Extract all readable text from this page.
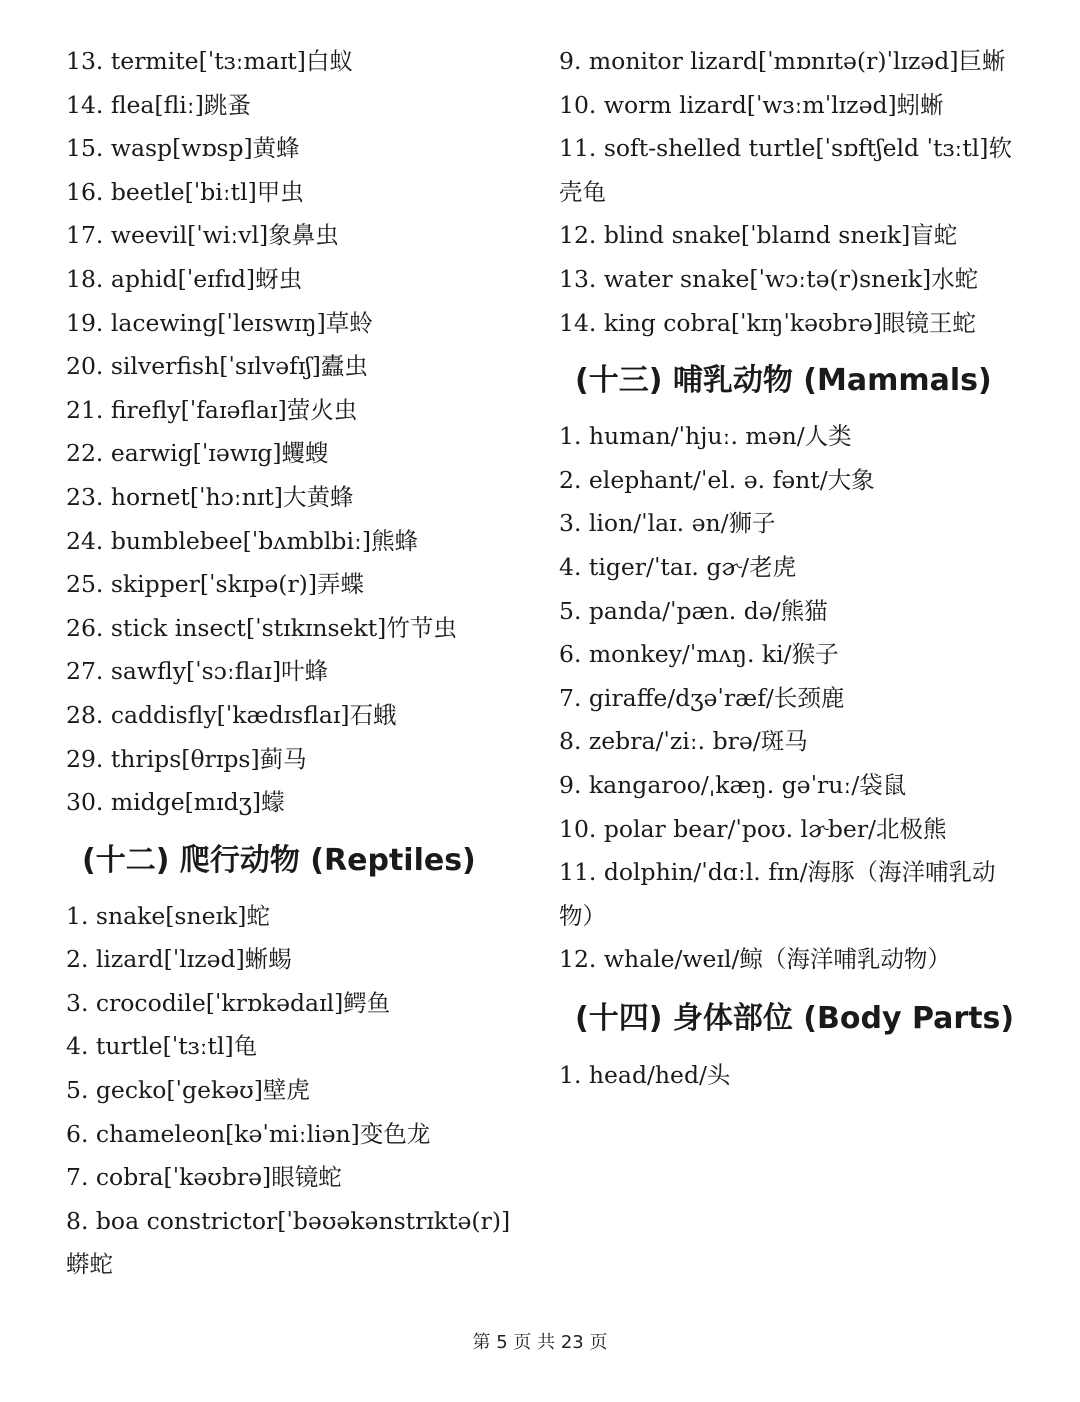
13. termite[ˈtɜːmaɪt]白蚁

14. flea[fliː]跳蚤

15. wasp[wɒsp]黄蜂

16. beetle[ˈbiːtl]甲虫

17. weevil[ˈwiːvl]象鼻虫

18. aphid[ˈeɪfɪd]蚜虫

19. lacewing[ˈleɪswɪŋ]草蛉

20. silverfish[ˈsɪlvəfɪʃ]蠹虫

21. firefly[ˈfaɪəflaɪ]萤火虫

22. earwig[ˈɪəwɪg]蠼螋

23. hornet[ˈhɔːnɪt]大黄蜂

24. bumblebee[ˈbʌmblbiː]熊蜂

25. skipper[ˈskɪpə(r)]弄蝶

26. stick insect[ˈstɪkɪnsekt]竹节虫

27. sawfly[ˈsɔːflaɪ]叶蜂

28. caddisfly[ˈkædɪsflaɪ]石蛾

29. thrips[θrɪps]蓟马

30. midge[mɪdʒ]蠓

(十二) 爬行动物 (Reptiles)

1. snake[sneɪk]蛇

2. lizard[ˈlɪzəd]蜥蜴

3. crocodile[ˈkrɒkədaɪl]鳄鱼

4. turtle[ˈtɜːtl]龟

5. gecko[ˈgekəʊ]壁虎

6. chameleon[kəˈmiːliən]变色龙

7. cobra[ˈkəʊbrə]眼镜蛇

8. boa constrictor[ˈbəʊəkənstrɪktə(r)]蟒蛇

9. monitor lizard[ˈmɒnɪtə(r)ˈlɪzəd]巨蜥

10. worm lizard[ˈwɜːmˈlɪzəd]蚓蜥

11. soft-shelled turtle[ˈsɒftʃeld ˈtɜːtl]软壳龟

12. blind snake[ˈblaɪnd sneɪk]盲蛇

13. water snake[ˈwɔːtə(r)sneɪk]水蛇

14. king cobra[ˈkɪŋˈkəʊbrə]眼镜王蛇

(十三) 哺乳动物 (Mammals)

1. human/ˈhjuː. mən/人类

2. elephant/ˈel. ə. fənt/大象

3. lion/ˈlaɪ. ən/狮子

4. tiger/ˈtaɪ. gɚ/老虎

5. panda/ˈpæn. də/熊猫

6. monkey/ˈmʌŋ. ki/猴子

7. giraffe/dʒəˈræf/长颈鹿

8. zebra/ˈziː. brə/斑马

9. kangaroo/ˌkæŋ. gəˈruː/袋鼠

10. polar bear/ˈpoʊ. lɚber/北极熊

11. dolphin/ˈdɑːl. fɪn/海豚（海洋哺乳动物）

12. whale/weɪl/鲸（海洋哺乳动物）

(十四) 身体部位 (Body Parts)

1. head/hed/头

第 5 页 共 23 页
